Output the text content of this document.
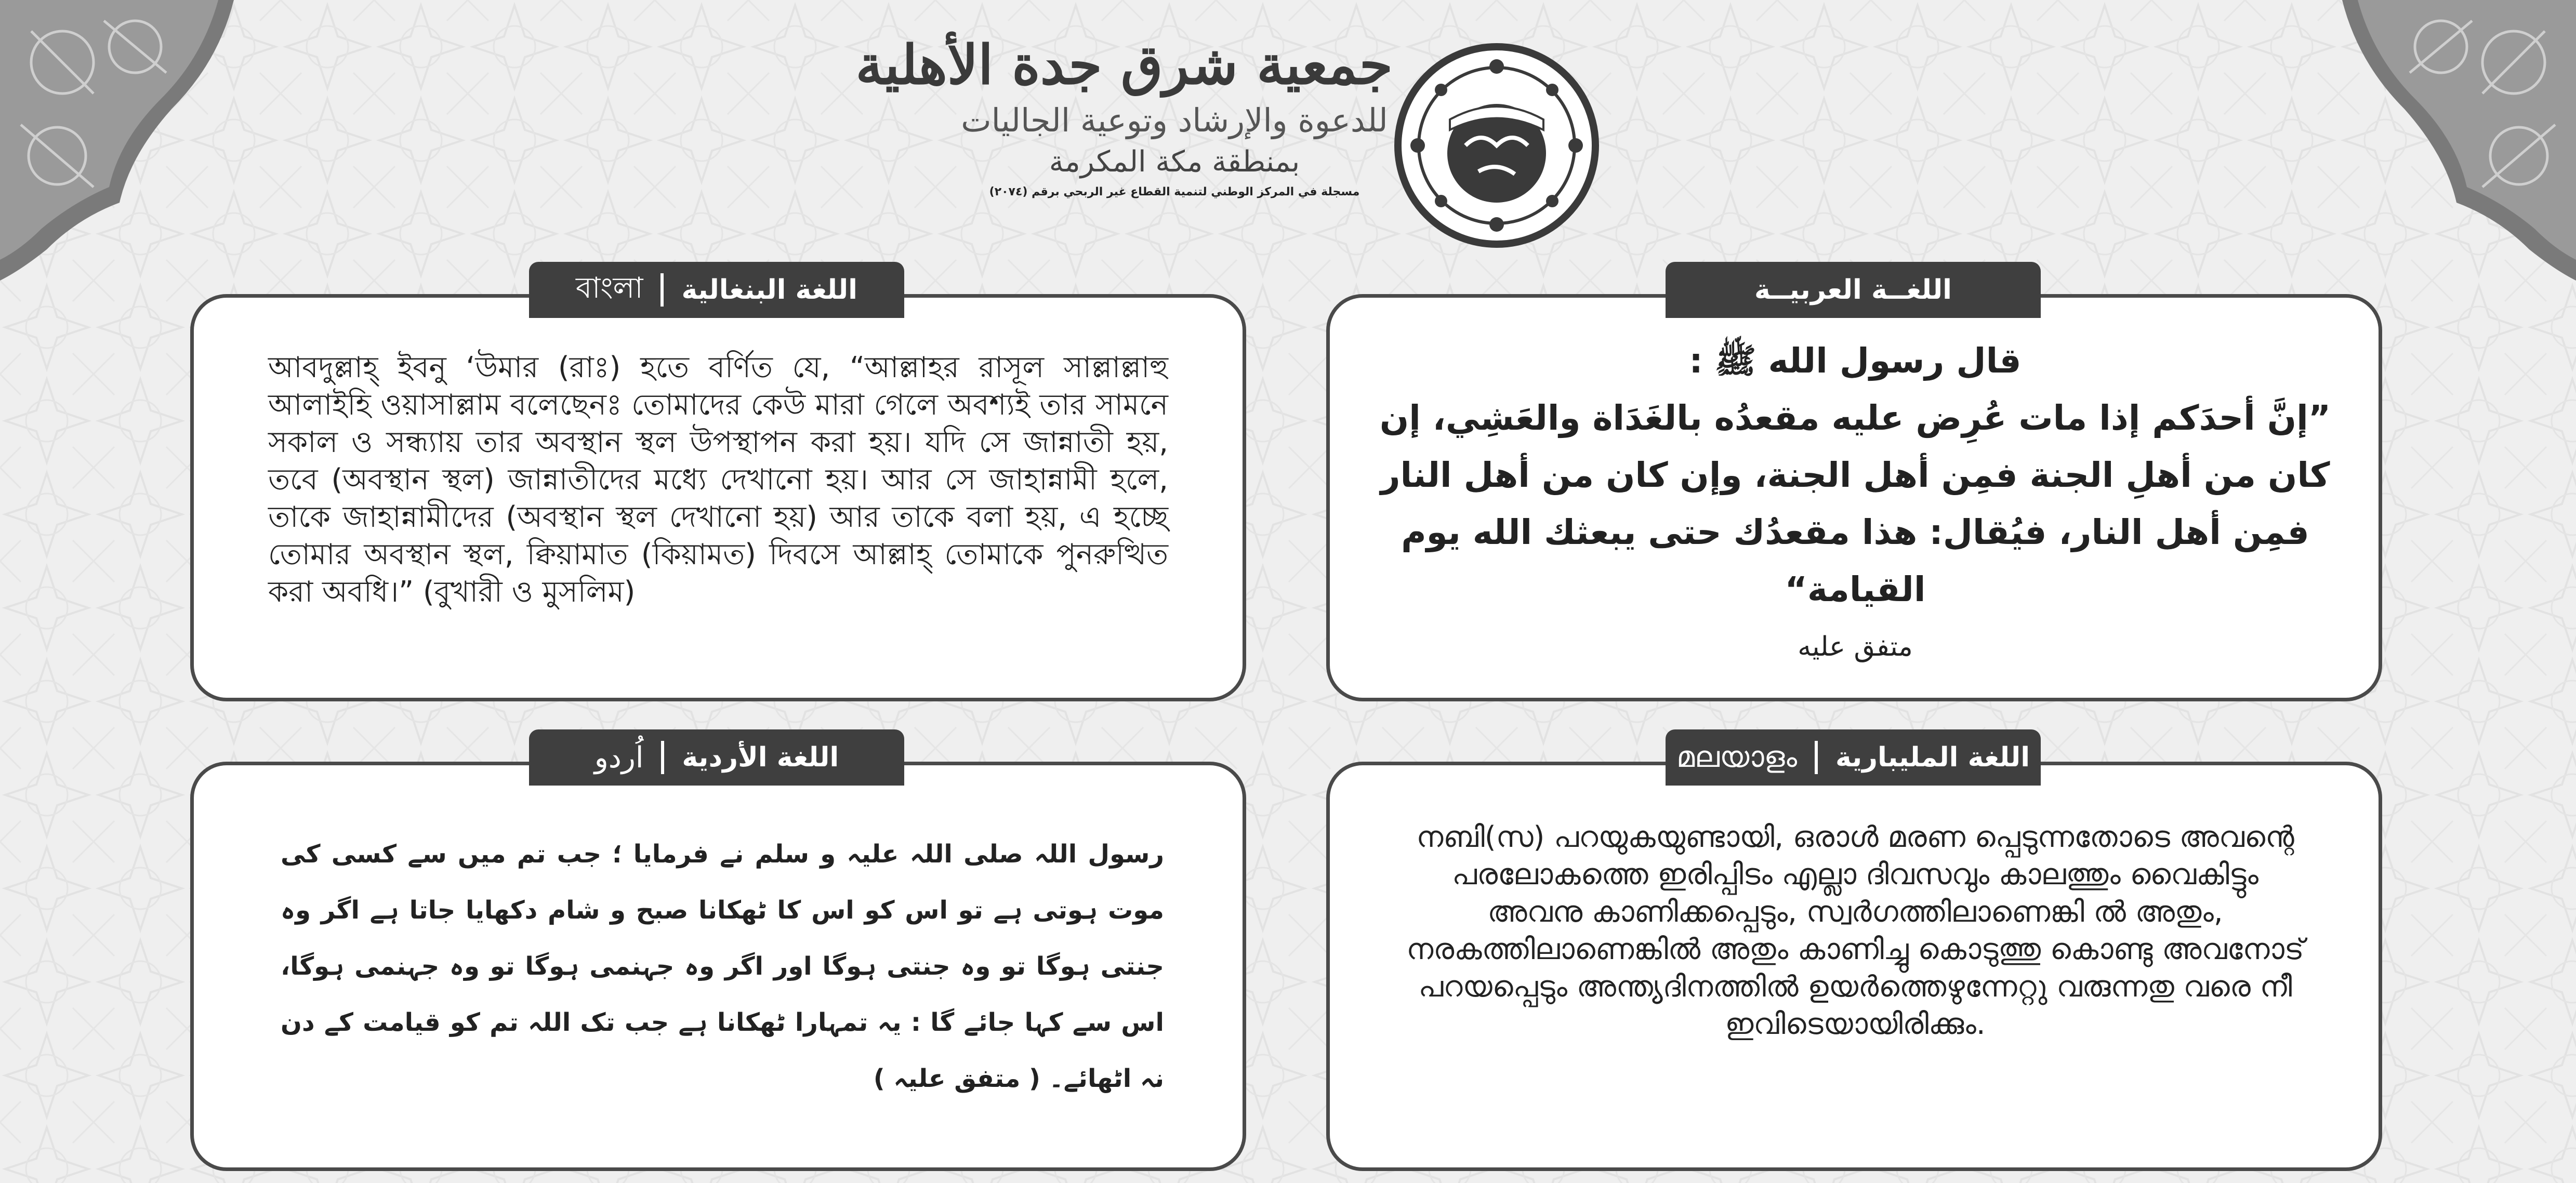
جمعية شرق جدة الأهلية
للدعوة والإرشاد وتوعية الجاليات
بمنطقة مكة المكرمة
مسجلة في المركز الوطني لتنمية القطاع غير الربحي برقم (٢٠٧٤)
اللغــة العربيــة
قال رسول الله ﷺ :
”إنَّ أحدَكم إذا مات عُرِض عليه مقعدُه بالغَدَاة والعَشِي، إن كان من أهلِ الجنة فمِن أهل الجنة، وإن كان من أهل النار فمِن أهل النار، فيُقال: هذا مقعدُك حتى يبعثك الله يوم القيامة“
متفق عليه
বাংলা اللغة البنغالية
আবদুল্লাহ্ ইবনু ‘উমার (রাঃ) হতে বর্ণিত যে, “আল্লাহর রাসূল সাল্লাল্লাহু আলাইহি ওয়াসাল্লাম বলেছেনঃ তোমাদের কেউ মারা গেলে অবশ্যই তার সামনে সকাল ও সন্ধ্যায় তার অবস্থান স্থল উপস্থাপন করা হয়। যদি সে জান্নাতী হয়, তবে (অবস্থান স্থল) জান্নাতীদের মধ্যে দেখানো হয়। আর সে জাহান্নামী হলে, তাকে জাহান্নামীদের (অবস্থান স্থল দেখানো হয়) আর তাকে বলা হয়, এ হচ্ছে তোমার অবস্থান স্থল, ক্বিয়ামাত (কিয়ামত) দিবসে আল্লাহ্ তোমাকে পুনরুত্থিত করা অবধি।” (বুখারী ও মুসলিম)
اُردو اللغة الأردية
رسول اللہ صلی اللہ علیہ و سلم نے فرمایا ؛ جب تم میں سے کسی کی موت ہوتی ہے تو اس کو اس کا ٹھکانا صبح و شام دکھایا جاتا ہے اگر وہ جنتی ہوگا تو وہ جنتی ہوگا اور اگر وہ جہنمی ہوگا تو وہ جہنمی ہوگا، اس سے کہا جائے گا : یہ تمہارا ٹھکانا ہے جب تک اللہ تم کو قیامت کے دن نہ اٹھائے۔ ( متفق علیہ )
മലയാളം اللغة المليبارية
നബി(സ) പറയുകയുണ്ടായി, ഒരാൾ മരണ പ്പെടുന്നതോടെ അവന്റെ പരലോകത്തെ ഇരിപ്പിടം എല്ലാ ദിവസവും കാലത്തും വൈകിട്ടും അവനു കാണിക്കപ്പെടും, സ്വർഗത്തിലാണെങ്കി ൽ അതും, നരകത്തിലാണെങ്കിൽ അതും കാണിച്ചു കൊടുത്തു കൊണ്ടു അവനോട് പറയപ്പെടും അന്ത്യദിനത്തിൽ ഉയർത്തെഴുന്നേറ്റു വരുന്നതു വരെ നീ ഇവിടെയായിരിക്കും.
